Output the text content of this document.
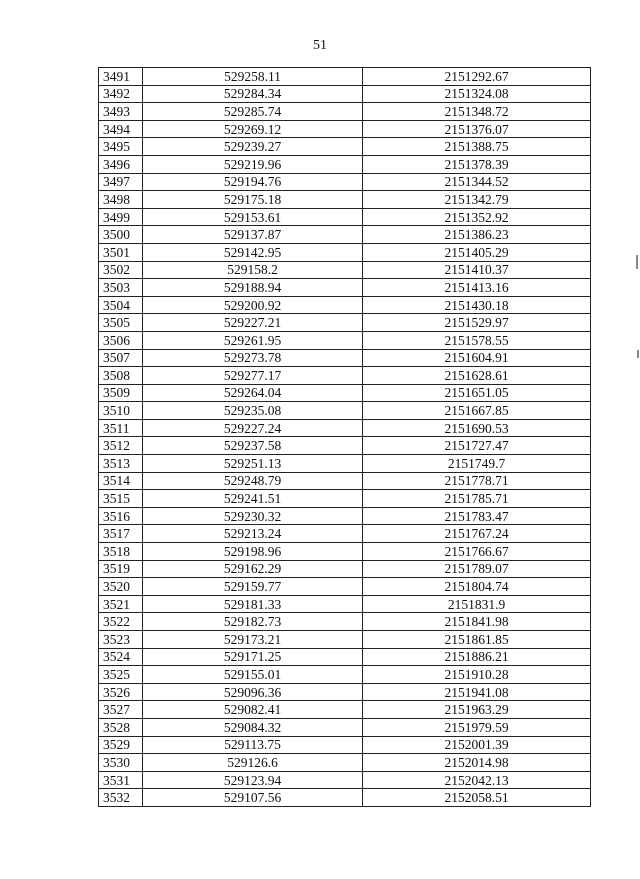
51
3491	529258.11	2151292.67
3492	529284.34	2151324.08
3493	529285.74	2151348.72
3494	529269.12	2151376.07
3495	529239.27	2151388.75
3496	529219.96	2151378.39
3497	529194.76	2151344.52
3498	529175.18	2151342.79
3499	529153.61	2151352.92
3500	529137.87	2151386.23
3501	529142.95	2151405.29
3502	529158.2	2151410.37
3503	529188.94	2151413.16
3504	529200.92	2151430.18
3505	529227.21	2151529.97
3506	529261.95	2151578.55
3507	529273.78	2151604.91
3508	529277.17	2151628.61
3509	529264.04	2151651.05
3510	529235.08	2151667.85
3511	529227.24	2151690.53
3512	529237.58	2151727.47
3513	529251.13	2151749.7
3514	529248.79	2151778.71
3515	529241.51	2151785.71
3516	529230.32	2151783.47
3517	529213.24	2151767.24
3518	529198.96	2151766.67
3519	529162.29	2151789.07
3520	529159.77	2151804.74
3521	529181.33	2151831.9
3522	529182.73	2151841.98
3523	529173.21	2151861.85
3524	529171.25	2151886.21
3525	529155.01	2151910.28
3526	529096.36	2151941.08
3527	529082.41	2151963.29
3528	529084.32	2151979.59
3529	529113.75	2152001.39
3530	529126.6	2152014.98
3531	529123.94	2152042.13
3532	529107.56	2152058.51
